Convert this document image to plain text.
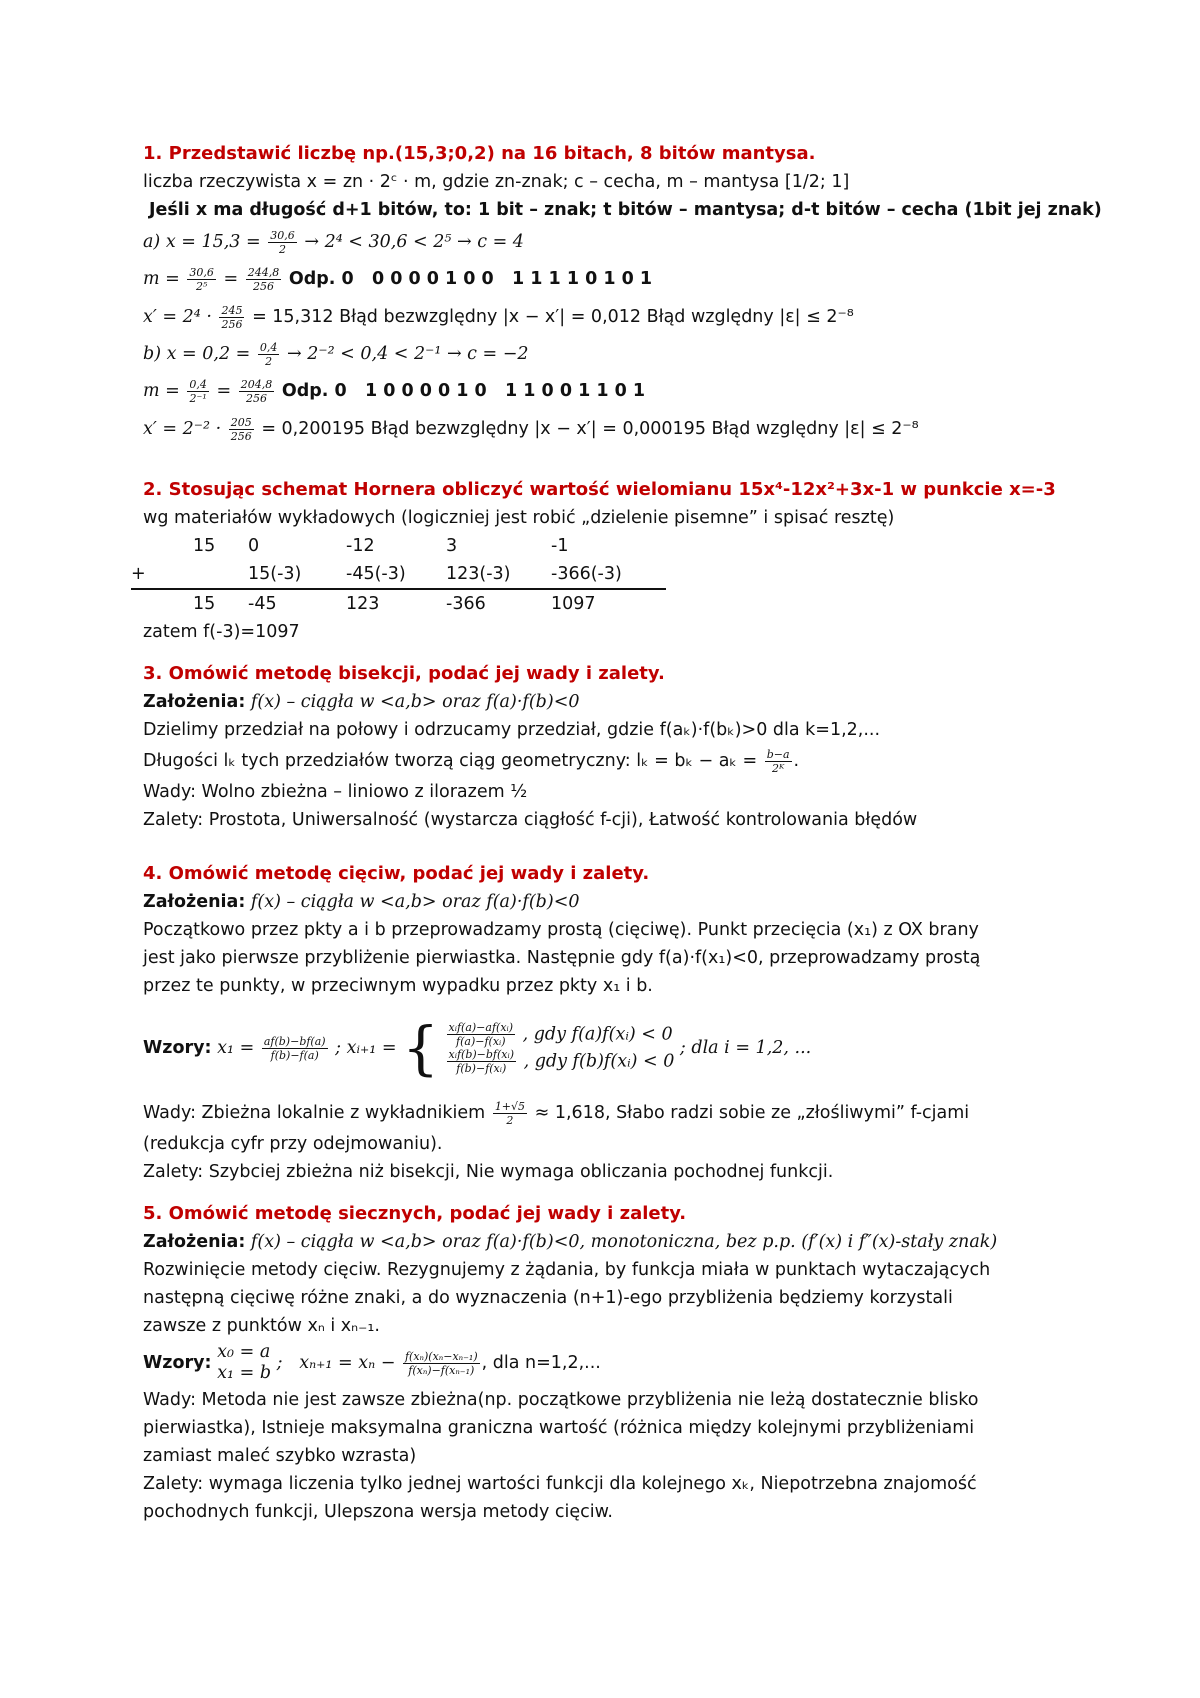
1. Przedstawić liczbę np.(15,3;0,2) na 16 bitach, 8 bitów mantysa.
liczba rzeczywista x = zn · 2ᶜ · m, gdzie zn-znak; c – cecha, m – mantysa [1/2; 1]
Jeśli x ma długość d+1 bitów, to: 1 bit – znak; t bitów – mantysa; d-t bitów – cecha (1bit jej znak)
a) $x = 15,3 = \frac{30,6}{2} \to 2^4 < 30,6 < 2^5 \to c = 4$
$m = \frac{30,6}{\text{2⁵}} = \frac{244,8}{256}$ Odp. 0   0 0 0 0 1 0 0   1 1 1 1 0 1 0 1
$x' = 2^4 \cdot \frac{245}{256} = 15,312$ Błąd bezwzględny |x − x′| = 0,012 Błąd względny |ε| ≤ 2⁻⁸
b) $x = 0,2 = \frac{0,4}{2} \to 2^{-2} < 0,4 < 2^{-1} \to c = -2$
$m = \frac{0,4}{\text{2⁻¹}} = \frac{204,8}{256}$ Odp. 0   1 0 0 0 0 1 0   1 1 0 0 1 1 0 1
$x' = 2^{-2} \cdot \frac{205}{256} = 0,200195$ Błąd bezwzględny |x − x′| = 0,000195 Błąd względny |ε| ≤ 2⁻⁸
2. Stosując schemat Hornera obliczyć wartość wielomianu 15x⁴-12x²+3x-1 w punkcie x=-3
wg materiałów wykładowych (logiczniej jest robić „dzielenie pisemne” i spisać resztę)
	15	0	-12	3	-1
+		15(-3)	-45(-3)	123(-3)	-366(-3)
	15	-45	123	-366	1097
zatem f(-3)=1097
3. Omówić metodę bisekcji, podać jej wady i zalety.
Założenia: f(x) – ciągła w <a,b> oraz f(a)·f(b)<0
Dzielimy przedział na połowy i odrzucamy przedział, gdzie f(aₖ)·f(bₖ)>0 dla k=1,2,...
Długości lₖ tych przedziałów tworzą ciąg geometryczny: $l_k = b_k - a_k = \frac{b-a}{\text{2ᴷ}}$ .
Wady: Wolno zbieżna – liniowo z ilorazem ½
Zalety: Prostota, Uniwersalność (wystarcza ciągłość f-cji), Łatwość kontrolowania błędów
4. Omówić metodę cięciw, podać jej wady i zalety.
Założenia: f(x) – ciągła w <a,b> oraz f(a)·f(b)<0
Początkowo przez pkty a i b przeprowadzamy prostą (cięciwę). Punkt przecięcia (x₁) z OX brany
jest jako pierwsze przybliżenie pierwiastka. Następnie gdy f(a)·f(x₁)<0, przeprowadzamy prostą
przez te punkty, w przeciwnym wypadku przez pkty x₁ i b.
Wzory: $x_1 = \frac{af(b)-bf(a)}{f(b)-f(a)}$ ; xᵢ₊₁ = { $\frac{\text{xᵢf(a)−af(xᵢ)}}{\text{f(a)−f(xᵢ)}}$ , gdy f(a)f(xᵢ) < 0
$\frac{\text{xᵢf(b)−bf(xᵢ)}}{\text{f(b)−f(xᵢ)}}$ , gdy f(b)f(xᵢ) < 0
; dla i = 1,2, ...
Wady: Zbieżna lokalnie z wykładnikiem $\frac{1+√5}{2} \approx 1,618$, Słabo radzi sobie ze „złośliwymi” f-cjami
(redukcja cyfr przy odejmowaniu).
Zalety: Szybciej zbieżna niż bisekcji, Nie wymaga obliczania pochodnej funkcji.
5. Omówić metodę siecznych, podać jej wady i zalety.
Założenia: f(x) – ciągła w <a,b> oraz f(a)·f(b)<0, monotoniczna, bez p.p. (f′(x) i f″(x)-stały znak)
Rozwinięcie metody cięciw. Rezygnujemy z żądania, by funkcja miała w punktach wytaczających
następną cięciwę różne znaki, a do wyznaczenia (n+1)-ego przybliżenia będziemy korzystali
zawsze z punktów xₙ i xₙ₋₁.
Wzory:
x₀ = a
x₁ = b ;   $x_{n+1} = x_n - \frac{\text{f(xₙ)(xₙ−xₙ₋₁)}}{\text{f(xₙ)−f(xₙ₋₁)}}$ , dla n=1,2,...
Wady: Metoda nie jest zawsze zbieżna(np. początkowe przybliżenia nie leżą dostatecznie blisko
pierwiastka), Istnieje maksymalna graniczna wartość (różnica między kolejnymi przybliżeniami
zamiast maleć szybko wzrasta)
Zalety: wymaga liczenia tylko jednej wartości funkcji dla kolejnego xₖ, Niepotrzebna znajomość
pochodnych funkcji, Ulepszona wersja metody cięciw.
